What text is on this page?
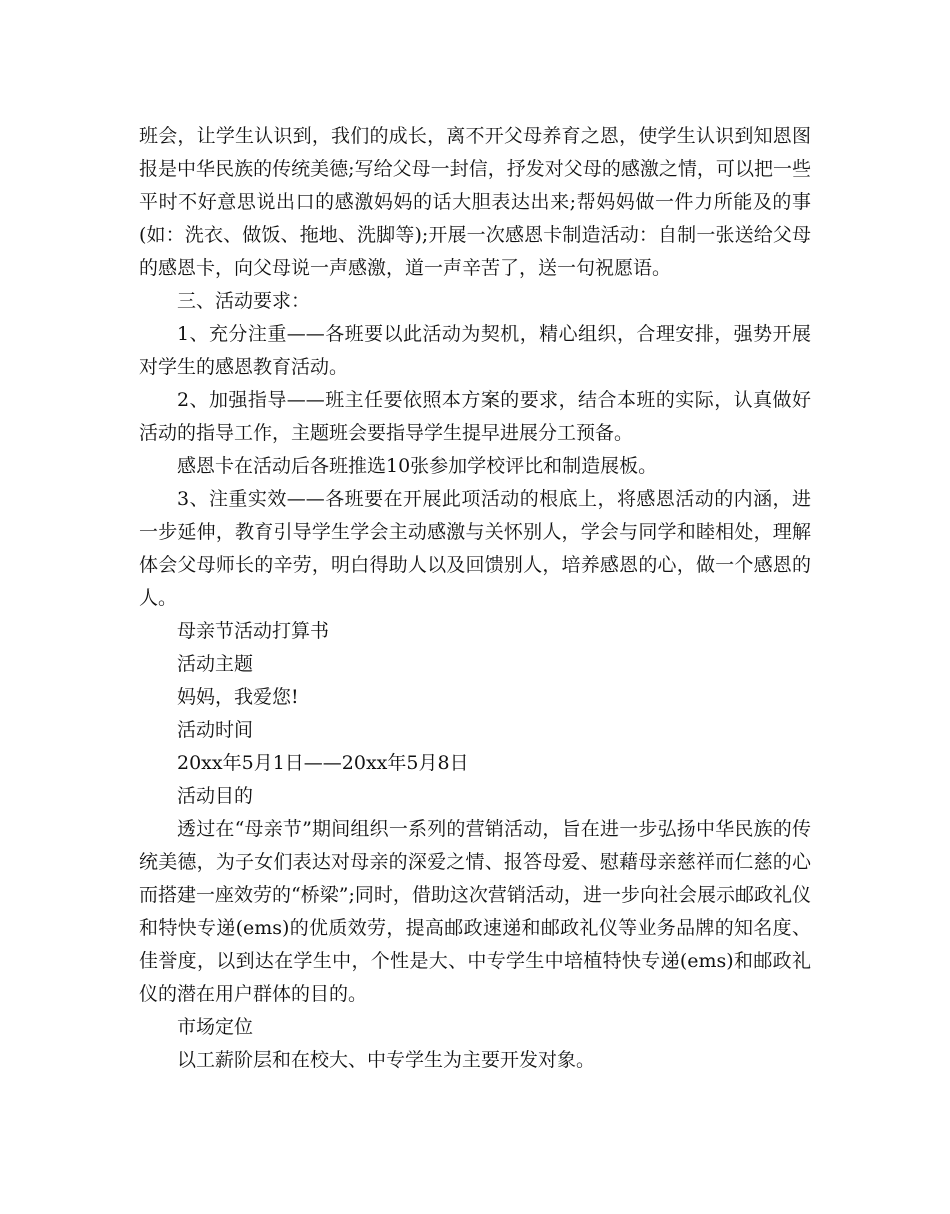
班会，让学生认识到，我们的成长，离不开父母养育之恩，使学生认识到知恩图报是中华民族的传统美德;写给父母一封信，抒发对父母的感激之情，可以把一些平时不好意思说出口的感激妈妈的话大胆表达出来;帮妈妈做一件力所能及的事(如：洗衣、做饭、拖地、洗脚等);开展一次感恩卡制造活动：自制一张送给父母的感恩卡，向父母说一声感激，道一声辛苦了，送一句祝愿语。

三、活动要求：

1、充分注重——各班要以此活动为契机，精心组织，合理安排，强势开展对学生的感恩教育活动。

2、加强指导——班主任要依照本方案的要求，结合本班的实际，认真做好活动的指导工作，主题班会要指导学生提早进展分工预备。

感恩卡在活动后各班推选10张参加学校评比和制造展板。

3、注重实效——各班要在开展此项活动的根底上，将感恩活动的内涵，进一步延伸，教育引导学生学会主动感激与关怀别人，学会与同学和睦相处，理解体会父母师长的辛劳，明白得助人以及回馈别人，培养感恩的心，做一个感恩的人。

母亲节活动打算书

活动主题

妈妈，我爱您!

活动时间

20xx年5月1日——20xx年5月8日

活动目的

透过在“母亲节”期间组织一系列的营销活动，旨在进一步弘扬中华民族的传统美德，为子女们表达对母亲的深爱之情、报答母爱、慰藉母亲慈祥而仁慈的心而搭建一座效劳的“桥梁”;同时，借助这次营销活动，进一步向社会展示邮政礼仪和特快专递(ems)的优质效劳，提高邮政速递和邮政礼仪等业务品牌的知名度、佳誉度，以到达在学生中，个性是大、中专学生中培植特快专递(ems)和邮政礼仪的潜在用户群体的目的。

市场定位

以工薪阶层和在校大、中专学生为主要开发对象。
